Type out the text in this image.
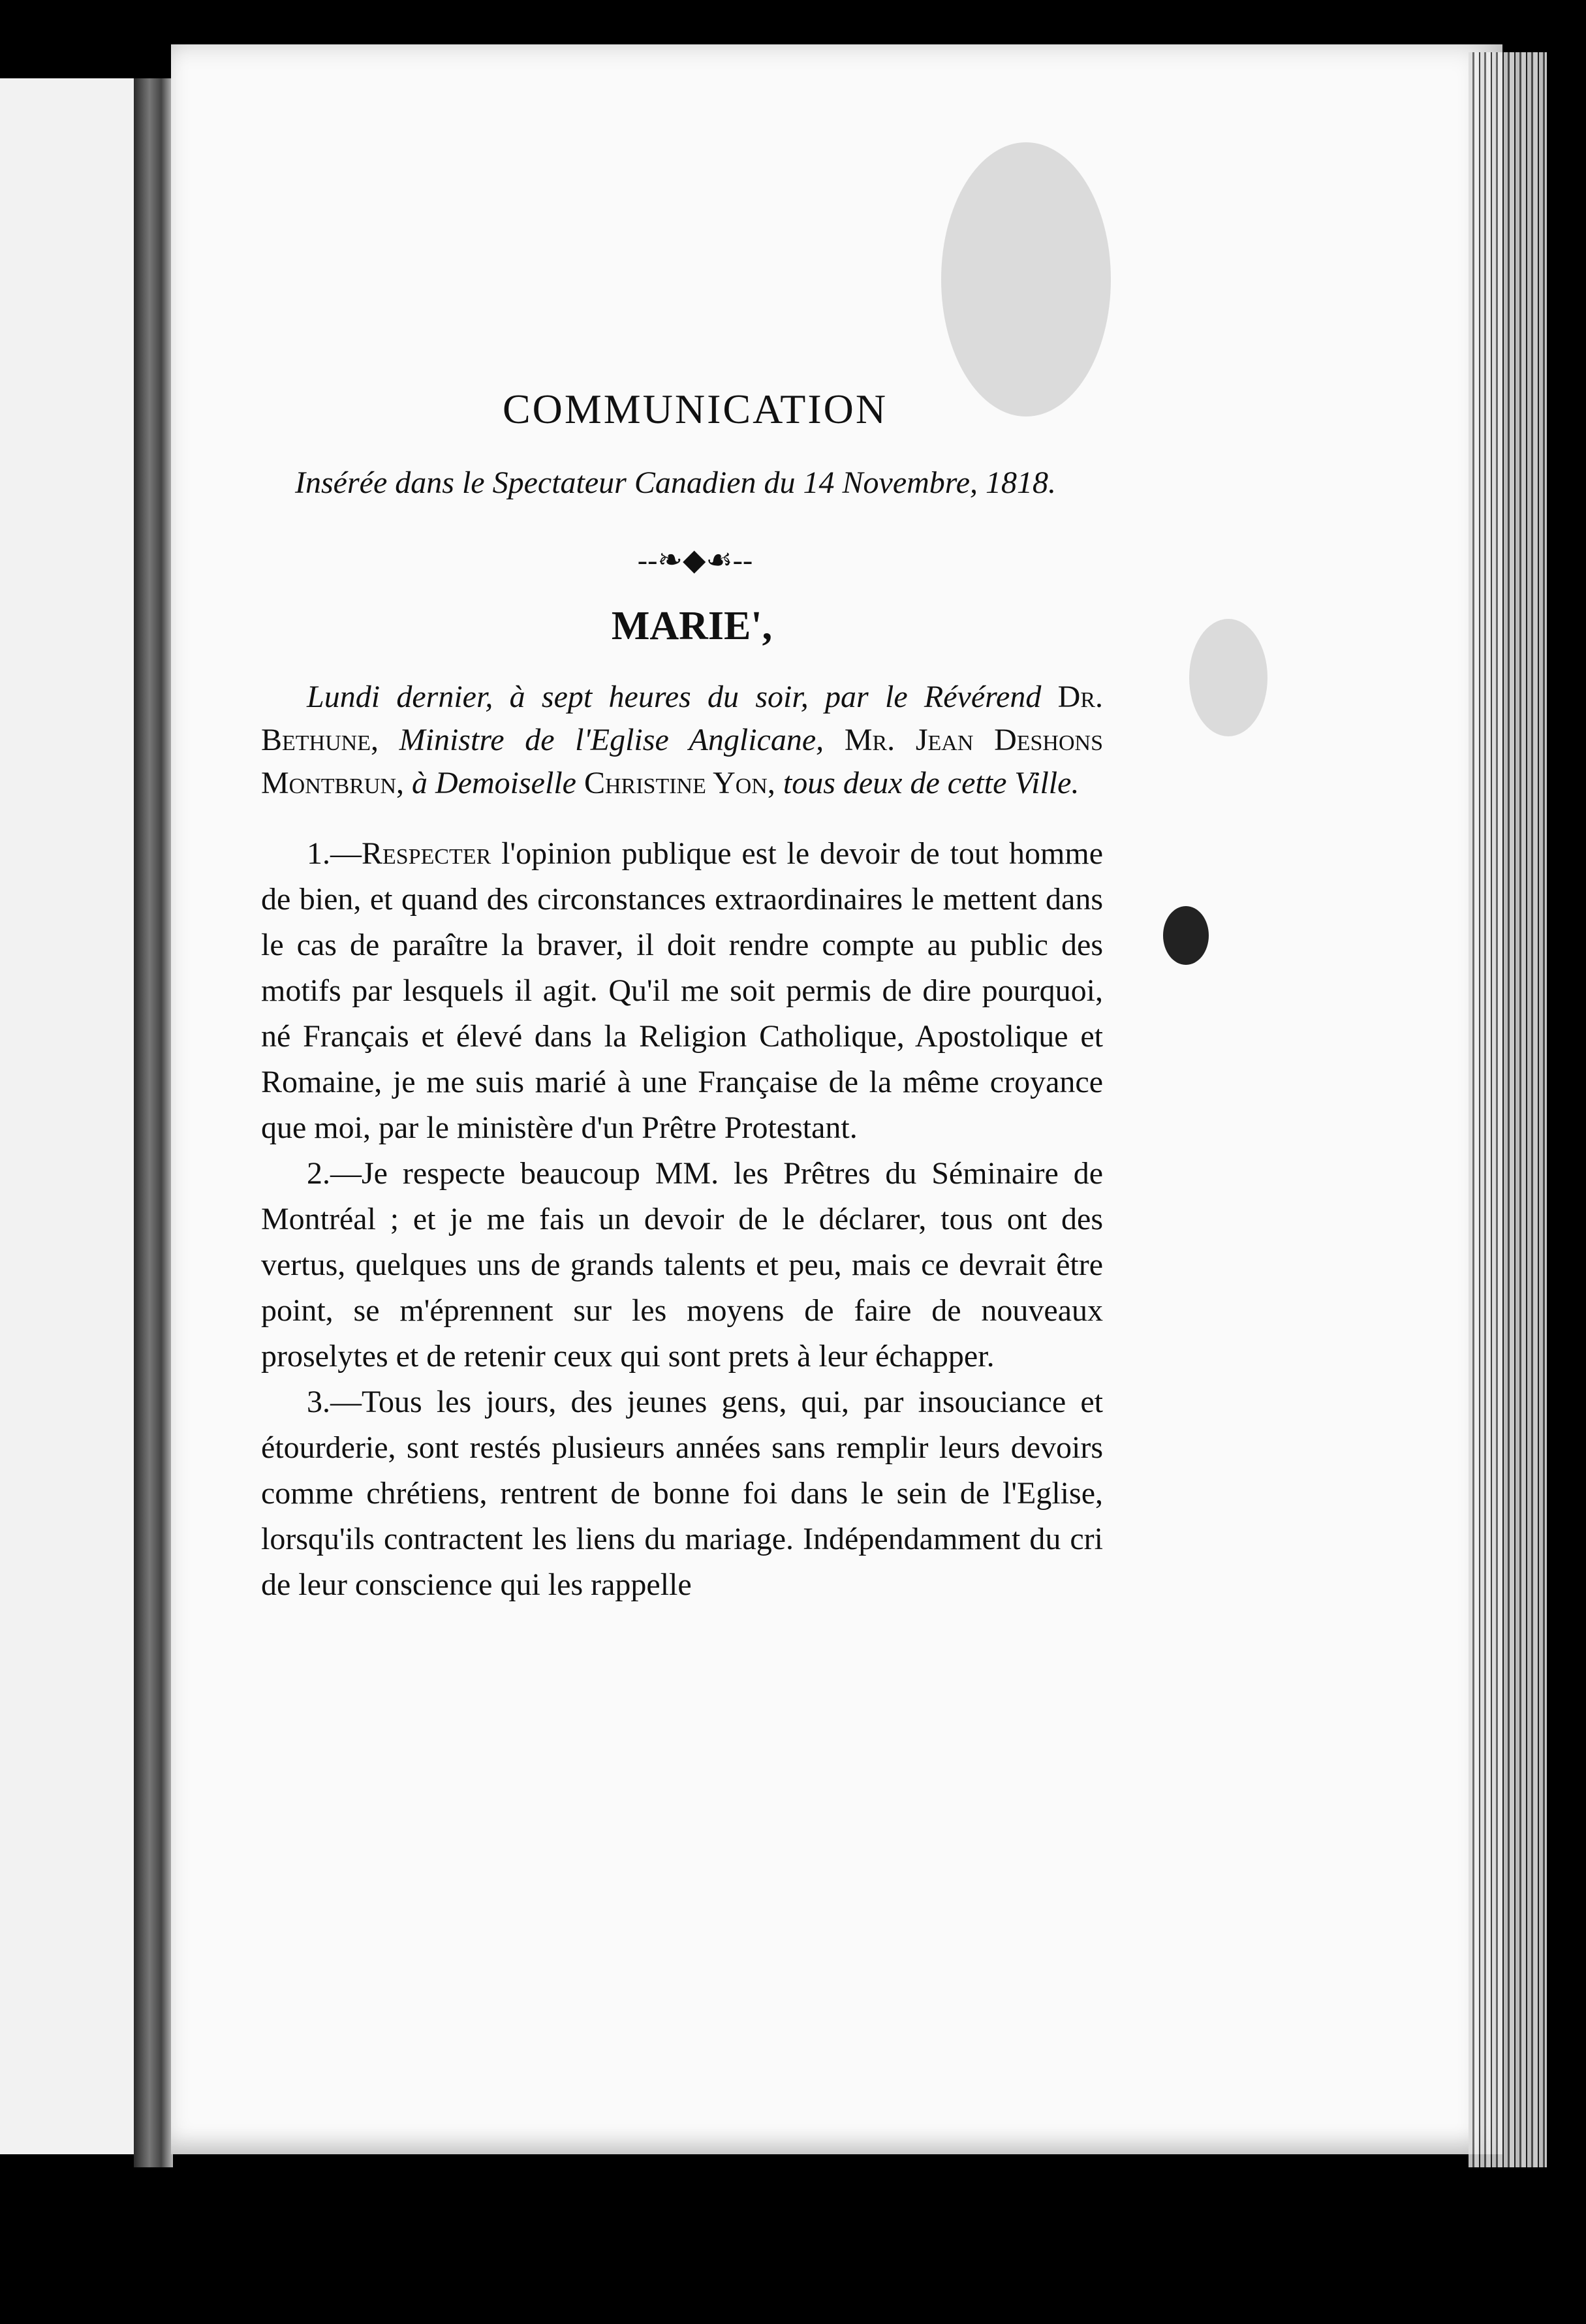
COMMUNICATION
Insérée dans le Spectateur Canadien du 14 Novembre, 1818.
--❧◆☙--
MARIE',

Lundi dernier, à sept heures du soir, par le Révérend Dr. Bethune, Ministre de l'Eglise Anglicane, Mr. Jean Deshons Montbrun, à Demoiselle Christine Yon, tous deux de cette Ville.

1.—Respecter l'opinion publique est le devoir de tout homme de bien, et quand des circonstances extraordinaires le mettent dans le cas de paraître la braver, il doit rendre compte au public des motifs par lesquels il agit. Qu'il me soit permis de dire pourquoi, né Français et élevé dans la Religion Catholique, Apostolique et Romaine, je me suis marié à une Française de la même croyance que moi, par le ministère d'un Prêtre Protestant.

2.—Je respecte beaucoup MM. les Prêtres du Séminaire de Montréal ; et je me fais un devoir de le déclarer, tous ont des vertus, quelques uns de grands talents et peu, mais ce devrait être point, se m'éprennent sur les moyens de faire de nouveaux proselytes et de retenir ceux qui sont prets à leur échapper.

3.—Tous les jours, des jeunes gens, qui, par insouciance et étourderie, sont restés plusieurs années sans remplir leurs devoirs comme chrétiens, rentrent de bonne foi dans le sein de l'Eglise, lorsqu'ils contractent les liens du mariage. Indépendamment du cri de leur conscience qui les rappelle
